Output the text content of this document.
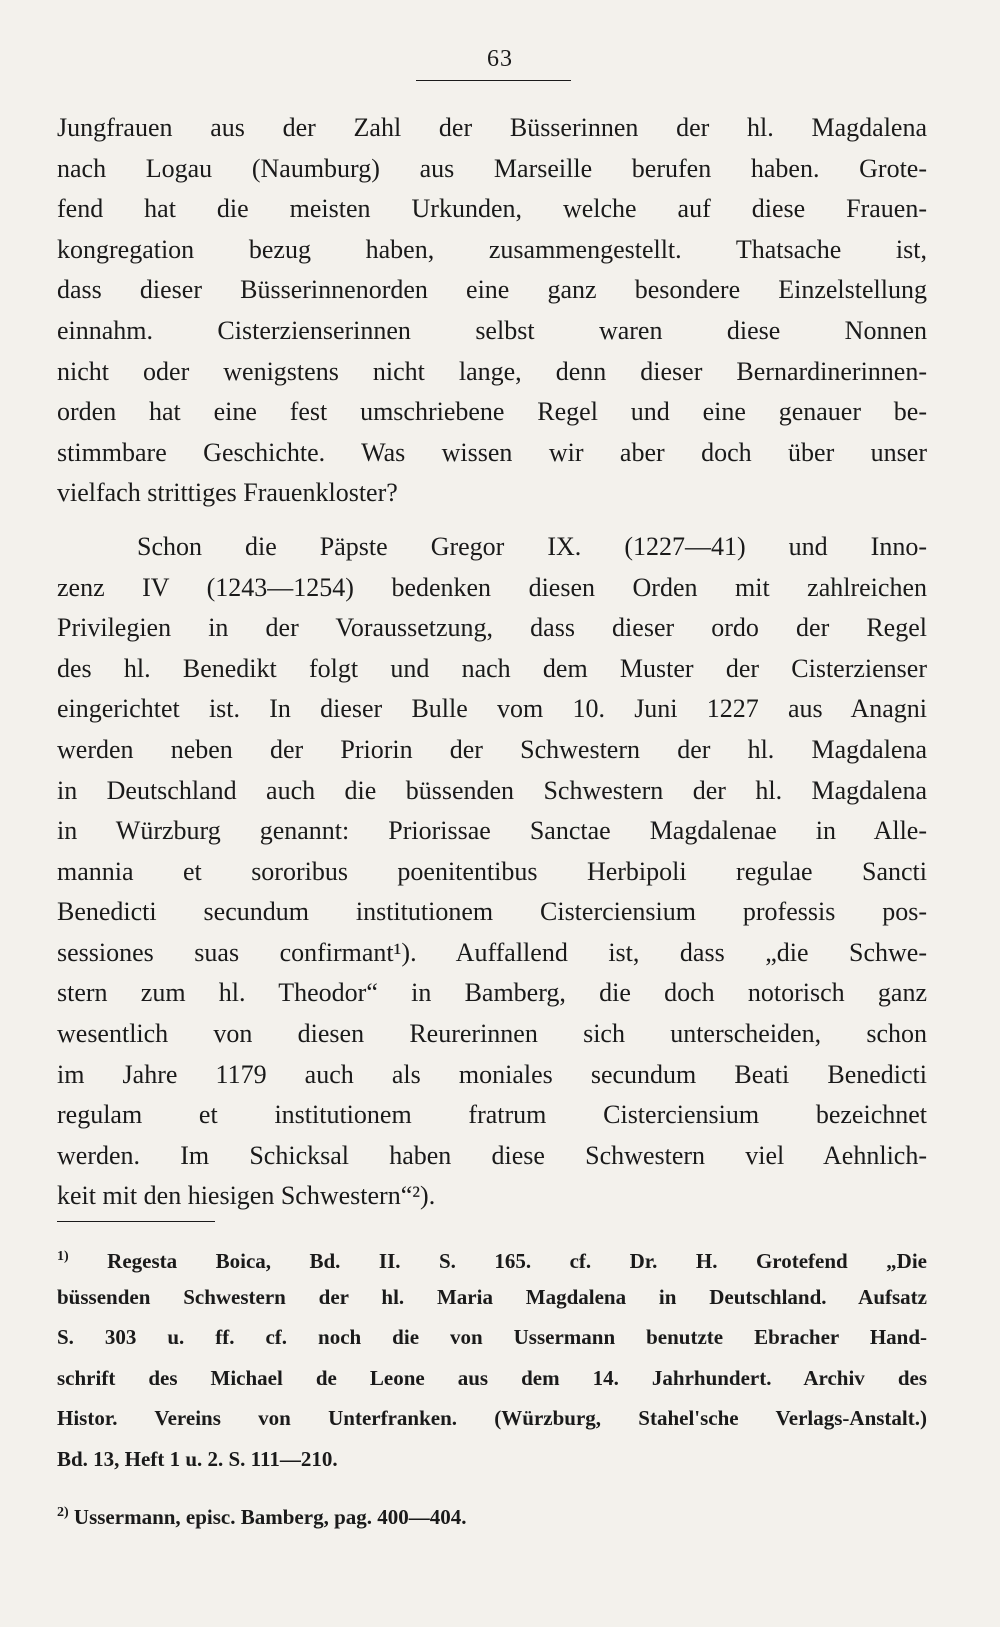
63
Jungfrauen aus der Zahl der Büsserinnen der hl. Magdalena
nach Logau (Naumburg) aus Marseille berufen haben. Grote-
fend hat die meisten Urkunden, welche auf diese Frauen-
kongregation bezug haben, zusammengestellt. Thatsache ist,
dass dieser Büsserinnenorden eine ganz besondere Einzelstellung
einnahm. Cisterzienserinnen selbst waren diese Nonnen
nicht oder wenigstens nicht lange, denn dieser Bernardinerinnen-
orden hat eine fest umschriebene Regel und eine genauer be-
stimmbare Geschichte. Was wissen wir aber doch über unser
vielfach strittiges Frauenkloster?
Schon die Päpste Gregor IX. (1227—41) und Inno-
zenz IV (1243—1254) bedenken diesen Orden mit zahlreichen
Privilegien in der Voraussetzung, dass dieser ordo der Regel
des hl. Benedikt folgt und nach dem Muster der Cisterzienser
eingerichtet ist. In dieser Bulle vom 10. Juni 1227 aus Anagni
werden neben der Priorin der Schwestern der hl. Magdalena
in Deutschland auch die büssenden Schwestern der hl. Magdalena
in Würzburg genannt: Priorissae Sanctae Magdalenae in Alle-
mannia et sororibus poenitentibus Herbipoli regulae Sancti
Benedicti secundum institutionem Cisterciensium professis pos-
sessiones suas confirmant¹). Auffallend ist, dass „die Schwe-
stern zum hl. Theodor“ in Bamberg, die doch notorisch ganz
wesentlich von diesen Reurerinnen sich unterscheiden, schon
im Jahre 1179 auch als moniales secundum Beati Benedicti
regulam et institutionem fratrum Cisterciensium bezeichnet
werden. Im Schicksal haben diese Schwestern viel Aehnlich-
keit mit den hiesigen Schwestern“²).
$^{1)}$ Regesta Boica, Bd. II. S. 165. cf. Dr. H. Grotefend „Die
büssenden Schwestern der hl. Maria Magdalena in Deutschland. Aufsatz
S. 303 u. ff. cf. noch die von Ussermann benutzte Ebracher Hand-
schrift des Michael de Leone aus dem 14. Jahrhundert. Archiv des
Histor. Vereins von Unterfranken. (Würzburg, Stahel'sche Verlags-Anstalt.)
Bd. 13, Heft 1 u. 2. S. 111—210.
$^{2)}$ Ussermann, episc. Bamberg, pag. 400—404.
